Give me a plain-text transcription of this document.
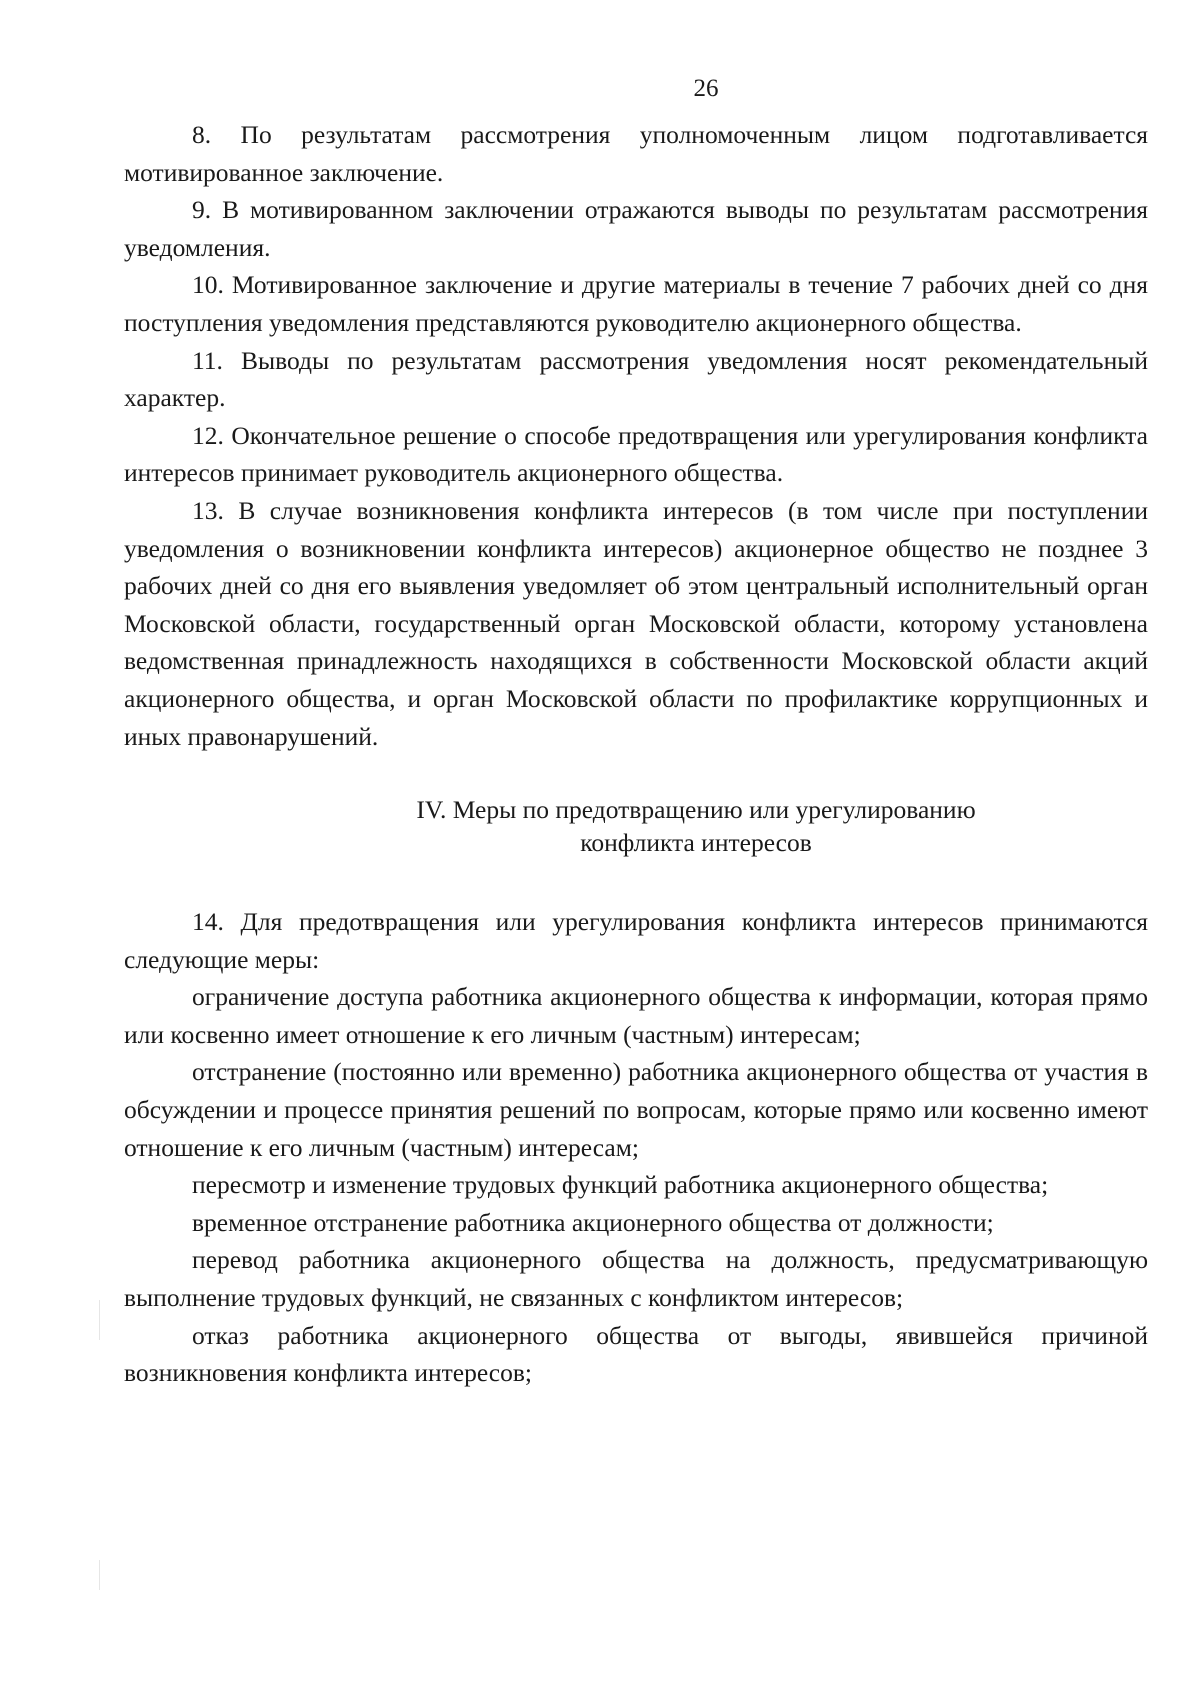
26

8. По результатам рассмотрения уполномоченным лицом подготавливается мотивированное заключение.

9. В мотивированном заключении отражаются выводы по результатам рассмотрения уведомления.

10. Мотивированное заключение и другие материалы в течение 7 рабочих дней со дня поступления уведомления представляются руководителю акционерного общества.

11. Выводы по результатам рассмотрения уведомления носят рекомендательный характер.

12. Окончательное решение о способе предотвращения или урегулирования конфликта интересов принимает руководитель акционерного общества.

13. В случае возникновения конфликта интересов (в том числе при поступлении уведомления о возникновении конфликта интересов) акционерное общество не позднее 3 рабочих дней со дня его выявления уведомляет об этом центральный исполнительный орган Московской области, государственный орган Московской области, которому установлена ведомственная принадлежность находящихся в собственности Московской области акций акционерного общества, и орган Московской области по профилактике коррупционных и иных правонарушений.

IV. Меры по предотвращению или урегулированию
конфликта интересов

14. Для предотвращения или урегулирования конфликта интересов принимаются следующие меры:

ограничение доступа работника акционерного общества к информации, которая прямо или косвенно имеет отношение к его личным (частным) интересам;

отстранение (постоянно или временно) работника акционерного общества от участия в обсуждении и процессе принятия решений по вопросам, которые прямо или косвенно имеют отношение к его личным (частным) интересам;

пересмотр и изменение трудовых функций работника акционерного общества;

временное отстранение работника акционерного общества от должности;

перевод работника акционерного общества на должность, предусматривающую выполнение трудовых функций, не связанных с конфликтом интересов;

отказ работника акционерного общества от выгоды, явившейся причиной возникновения конфликта интересов;
